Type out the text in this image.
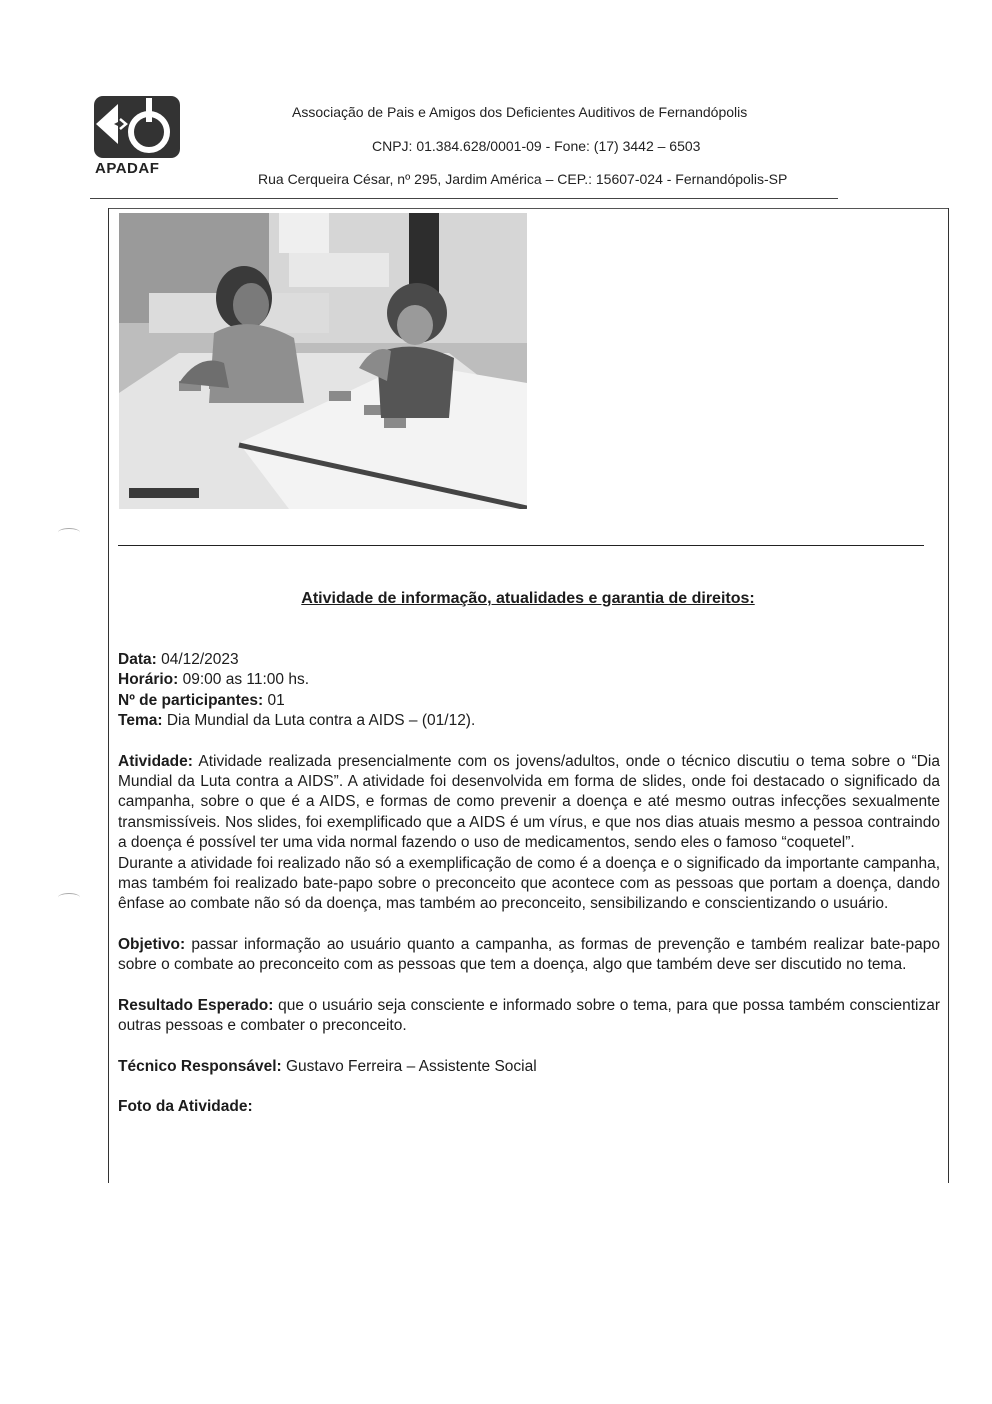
APADAF
Associação de Pais e Amigos dos Deficientes Auditivos de Fernandópolis
CNPJ: 01.384.628/0001-09 - Fone: (17) 3442 – 6503
Rua Cerqueira César, nº 295, Jardim América – CEP.: 15607-024 - Fernandópolis-SP
Atividade de informação, atualidades e garantia de direitos:

Data: 04/12/2023

Horário: 09:00 as 11:00 hs.

Nº de participantes: 01

Tema: Dia Mundial da Luta contra a AIDS – (01/12).

Atividade: Atividade realizada presencialmente com os jovens/adultos, onde o técnico discutiu o tema sobre o “Dia Mundial da Luta contra a AIDS”. A atividade foi desenvolvida em forma de slides, onde foi destacado o significado da campanha, sobre o que é a AIDS, e formas de como prevenir a doença e até mesmo outras infecções sexualmente transmissíveis. Nos slides, foi exemplificado que a AIDS é um vírus, e que nos dias atuais mesmo a pessoa contraindo a doença é possível ter uma vida normal fazendo o uso de medicamentos, sendo eles o famoso “coquetel”.

Durante a atividade foi realizado não só a exemplificação de como é a doença e o significado da importante campanha, mas também foi realizado bate-papo sobre o preconceito que acontece com as pessoas que portam a doença, dando ênfase ao combate não só da doença, mas também ao preconceito, sensibilizando e conscientizando o usuário.

Objetivo: passar informação ao usuário quanto a campanha, as formas de prevenção e também realizar bate-papo sobre o combate ao preconceito com as pessoas que tem a doença, algo que também deve ser discutido no tema.

Resultado Esperado: que o usuário seja consciente e informado sobre o tema, para que possa também conscientizar outras pessoas e combater o preconceito.

Técnico Responsável: Gustavo Ferreira – Assistente Social

Foto da Atividade:
